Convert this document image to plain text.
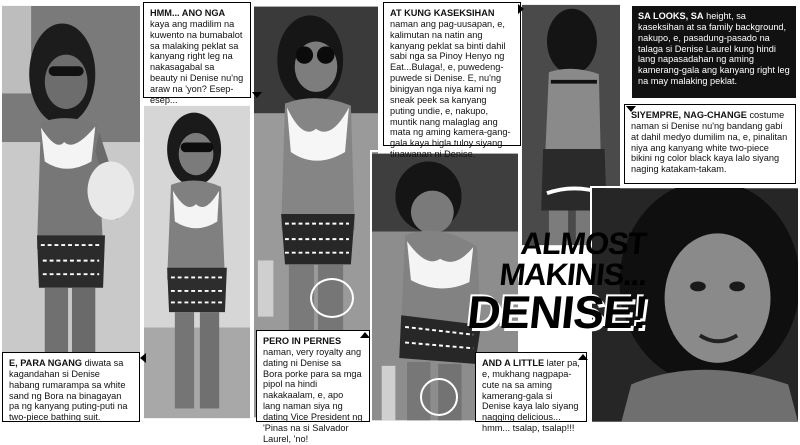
ALMOST
MAKINIS...
DENISE!
HMM... ANO NGA kaya ang madilim na kuwento na bumabalot sa malaking peklat sa kanyang right leg na nakasagabal sa beauty ni Denise nu'ng araw na 'yon? Esep-esep...
AT KUNG KASEKSIHAN naman ang pag-uusapan, e, kalimutan na natin ang kanyang peklat sa binti dahil sabi nga sa Pinoy Henyo ng Eat...Bulaga!, e, puwedeng-puwede si Denise. E, nu'ng binigyan nga niya kami ng sneak peek sa kanyang puting undie, e, nakupo, muntik nang malaglag ang mata ng aming kamera-gang-gala kaya bigla tuloy siyang tinawanan ni Denise.
SA LOOKS, SA height, sa kaseksihan at sa family background, nakupo, e, pasadung-pasado na talaga si Denise Laurel kung hindi lang napasadahan ng aming kamerang-gala ang kanyang right leg na may malaking peklat.
SIYEMPRE, NAG-CHANGE costume naman si Denise nu'ng bandang gabi at dahil medyo dumilim na, e, pinalitan niya ang kanyang white two-piece bikini ng color black kaya lalo siyang naging katakam-takam.
PERO IN PERNES naman, very royalty ang dating ni Denise sa Bora porke para sa mga pipol na hindi nakakaalam, e, apo lang naman siya ng dating Vice President ng 'Pinas na si Salvador Laurel, 'no!
E, PARA NGANG diwata sa kagandahan si Denise habang rumarampa sa white sand ng Bora na binagayan pa ng kanyang puting-puti na two-piece bathing suit.
AND A LITTLE later pa, e, mukhang nagpapa-cute na sa aming kamerang-gala si Denise kaya lalo siyang nagging delicious... hmm... tsalap, tsalap!!!
